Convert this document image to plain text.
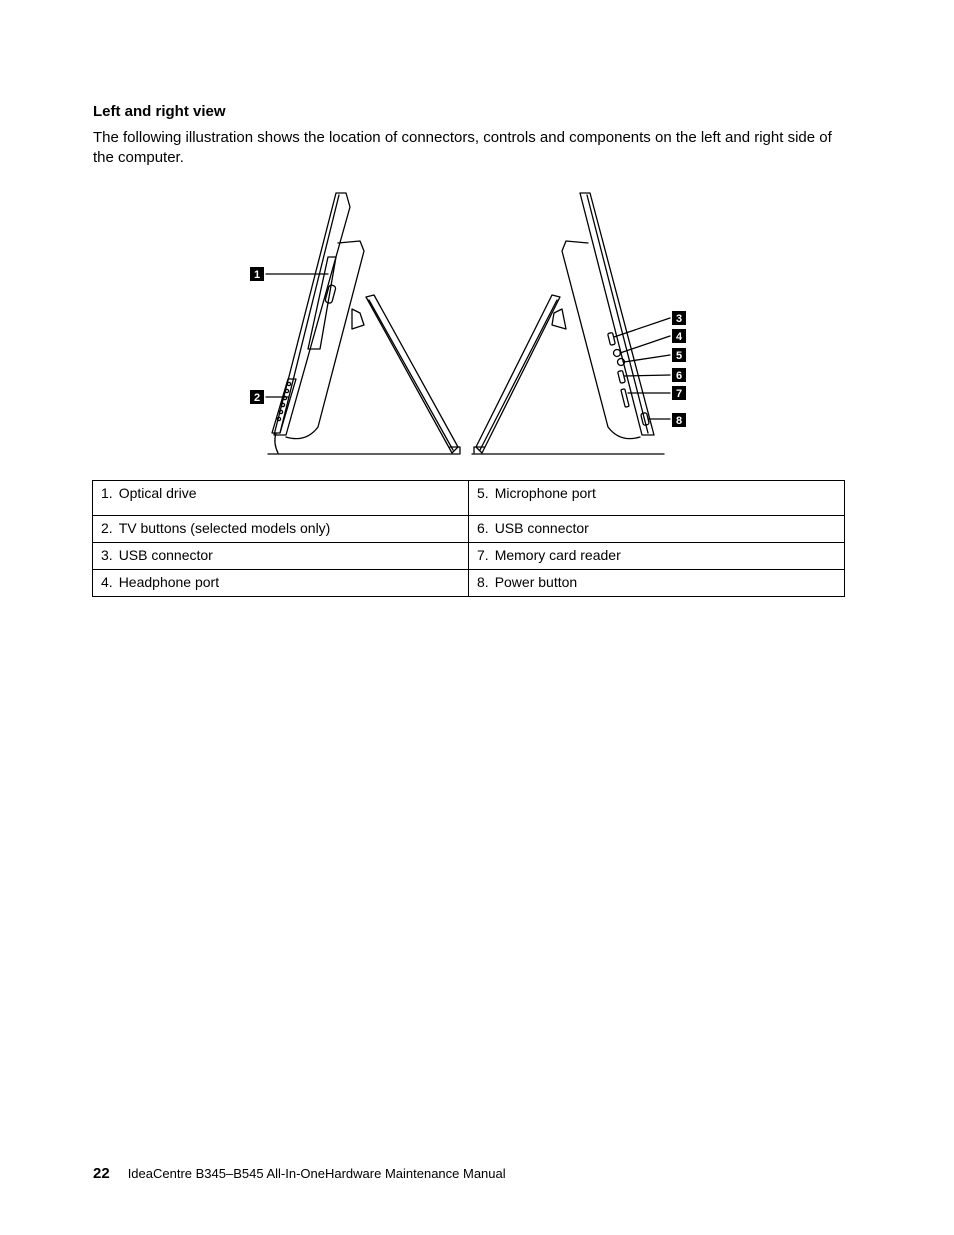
Left and right view
The following illustration shows the location of connectors, controls and components on the left and right side of the computer.
1
2
3
4
5
6
7
8
1. Optical drive	5. Microphone port
2. TV buttons (selected models only)	6. USB connector
3. USB connector	7. Memory card reader
4. Headphone port	8. Power button
22 IdeaCentre B345–B545 All-In-OneHardware Maintenance Manual
